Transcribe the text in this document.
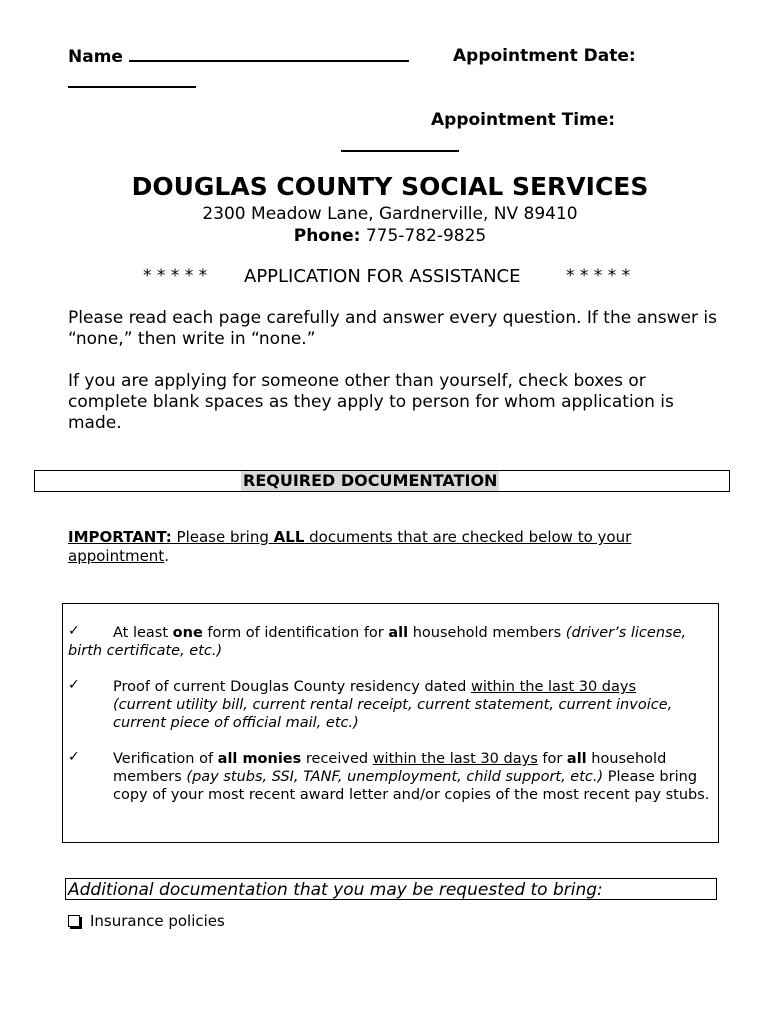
Name	Appointment Date:
Appointment Time:
DOUGLAS COUNTY SOCIAL SERVICES
2300 Meadow Lane, Gardnerville, NV 89410
Phone: 775-782-9825
* * * * * APPLICATION FOR ASSISTANCE	* * * * *
Please read each page carefully and answer every question. If the answer is “none,” then write in “none.”
If you are applying for someone other than yourself, check boxes or complete blank spaces as they apply to person for whom application is made.
REQUIRED DOCUMENTATION
IMPORTANT: Please bring ALL documents that are checked below to your appointment.
✓	At least one form of identification for all household members (driver’s license, birth certificate, etc.)
✓ Proof of current Douglas County residency dated within the last 30 days
(current utility bill, current rental receipt, current statement, current invoice, current piece of official mail, etc.)
✓ Verification of all monies received within the last 30 days for all household members (pay stubs, SSI, TANF, unemployment, child support, etc.) Please bring copy of your most recent award letter and/or copies of the most recent pay stubs.
Additional documentation that you may be requested to bring:
Insurance policies
